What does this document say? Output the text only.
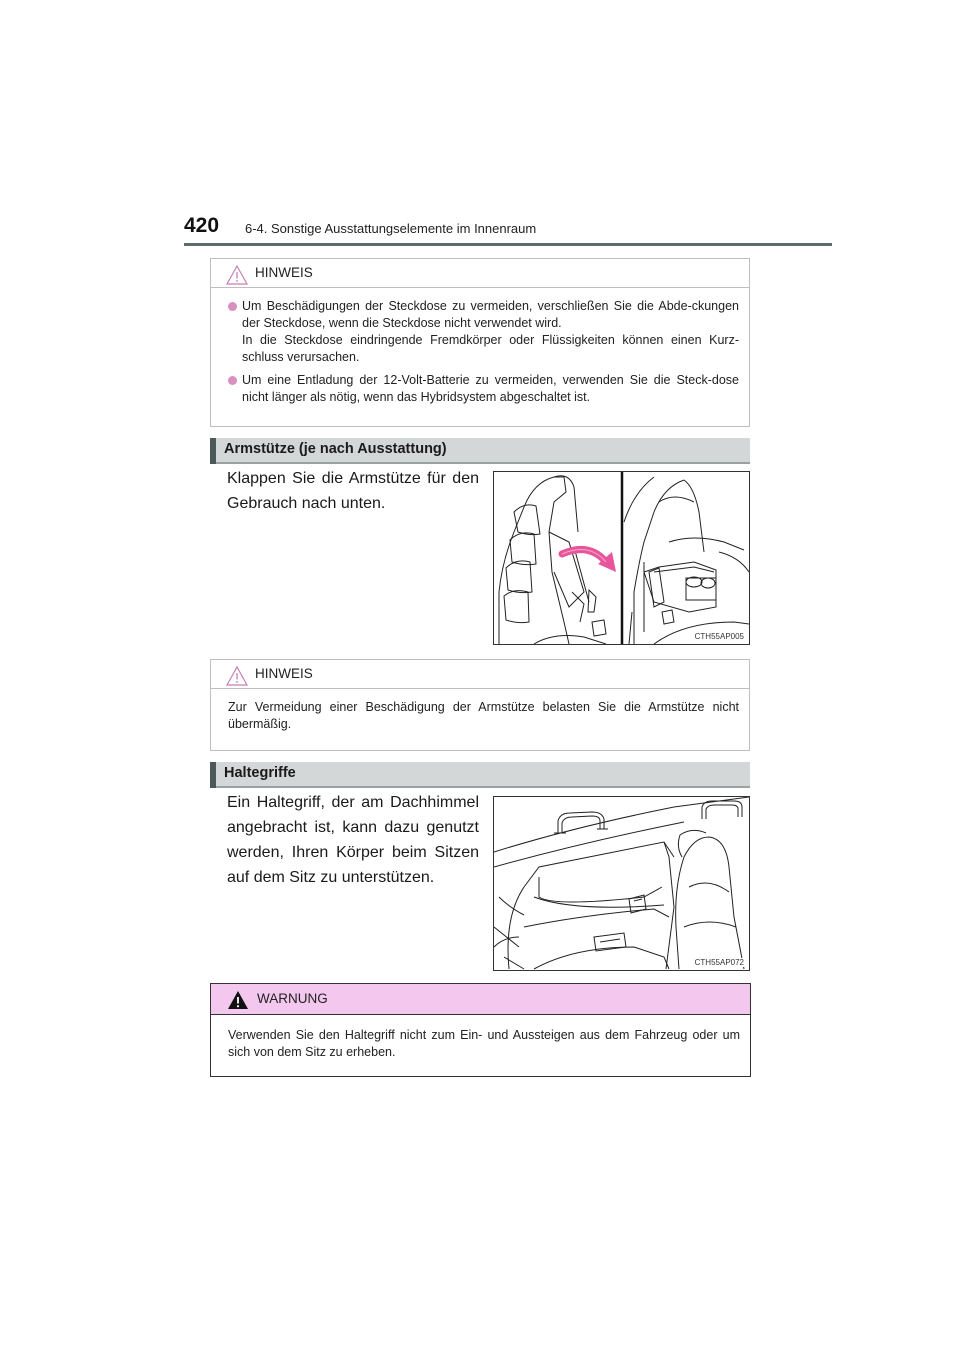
420 6-4. Sonstige Ausstattungselemente im Innenraum
HINWEIS

Um Beschädigungen der Steckdose zu vermeiden, verschließen Sie die Abde-ckungen der Steckdose, wenn die Steckdose nicht verwendet wird.

In die Steckdose eindringende Fremdkörper oder Flüssigkeiten können einen Kurz-schluss verursachen.

Um eine Entladung der 12-Volt-Batterie zu vermeiden, verwenden Sie die Steck-dose nicht länger als nötig, wenn das Hybridsystem abgeschaltet ist.

Armstütze (je nach Ausstattung)

Klappen Sie die Armstütze für den Gebrauch nach unten.

CTH55AP005
HINWEIS

Zur Vermeidung einer Beschädigung der Armstütze belasten Sie die Armstütze nicht übermäßig.

Haltegriffe

Ein Haltegriff, der am Dachhimmel angebracht ist, kann dazu genutzt werden, Ihren Körper beim Sitzen auf dem Sitz zu unterstützen.

CTH55AP072
WARNUNG

Verwenden Sie den Haltegriff nicht zum Ein- und Aussteigen aus dem Fahrzeug oder um sich von dem Sitz zu erheben.
